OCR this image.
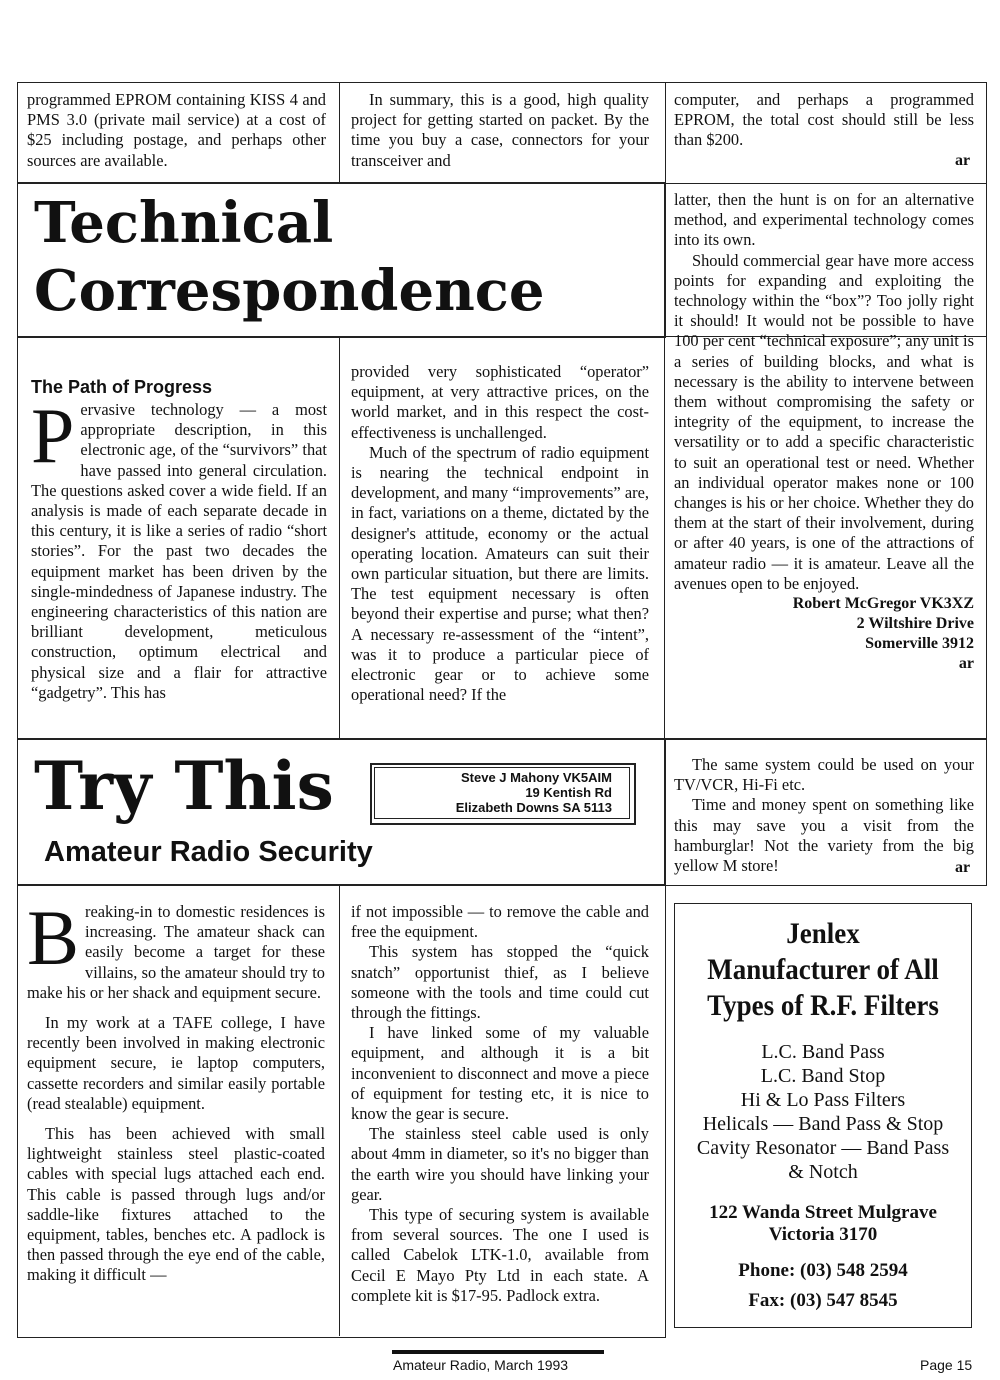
programmed EPROM containing KISS 4 and PMS 3.0 (private mail service) at a cost of $25 including postage, and perhaps other sources are available.

In summary, this is a good, high quality project for getting started on packet. By the time you buy a case, connectors for your transceiver and

computer, and perhaps a programmed EPROM, the total cost should still be less than $200.

ar
Technical
Correspondence
The Path of Progress
P ervasive technology — a most appropriate description, in this electronic age, of the “survivors” that have passed into general circulation. The questions asked cover a wide field. If an analysis is made of each separate decade in this century, it is like a series of radio “short stories”. For the past two decades the equipment market has been driven by the single-mindedness of Japanese industry. The engineering characteristics of this nation are brilliant development, meticulous construction, optimum electrical and physical size and a flair for attractive “gadgetry”. This has

provided very sophisticated “operator” equipment, at very attractive prices, on the world market, and in this respect the cost-effectiveness is unchallenged.

Much of the spectrum of radio equipment is nearing the technical endpoint in development, and many “improvements” are, in fact, variations on a theme, dictated by the designer's attitude, economy or the actual operating location. Amateurs can suit their own particular situation, but there are limits. The test equipment necessary is often beyond their expertise and purse; what then? A necessary re-assessment of the “intent”, was it to produce a particular piece of electronic gear or to achieve some operational need? If the

latter, then the hunt is on for an alternative method, and experimental technology comes into its own.

Should commercial gear have more access points for expanding and exploiting the technology within the “box”? Too jolly right it should! It would not be possible to have 100 per cent “technical exposure”; any unit is a series of building blocks, and what is necessary is the ability to intervene between them without compromising the safety or integrity of the equipment, to increase the versatility or to add a specific characteristic to suit an operational test or need. Whether an individual operator makes none or 100 changes is his or her choice. Whether they do them at the start of their involvement, during or after 40 years, is one of the attractions of amateur radio — it is amateur. Leave all the avenues open to be enjoyed.

Robert McGregor VK3XZ
2 Wiltshire Drive
Somerville 3912
ar
Try This	Steve J Mahony VK5AIM
19 Kentish Rd
Elizabeth Downs SA 5113
Amateur Radio Security

The same system could be used on your TV/VCR, Hi-Fi etc.

Time and money spent on something like this may save you a visit from the hamburglar! Not the variety from the big yellow M store!	ar
B reaking-in to domestic residences is increasing. The amateur shack can easily become a target for these villains, so the amateur should try to make his or her shack and equipment secure.

In my work at a TAFE college, I have recently been involved in making electronic equipment secure, ie laptop computers, cassette recorders and similar easily portable (read stealable) equipment.

This has been achieved with small lightweight stainless steel plastic-coated cables with special lugs attached each end. This cable is passed through lugs and/or saddle-like fixtures attached to the equipment, tables, benches etc. A padlock is then passed through the eye end of the cable, making it difficult —

if not impossible — to remove the cable and free the equipment.

This system has stopped the “quick snatch” opportunist thief, as I believe someone with the tools and time could cut through the fittings.

I have linked some of my valuable equipment, and although it is a bit inconvenient to disconnect and move a piece of equipment for testing etc, it is nice to know the gear is secure.

The stainless steel cable used is only about 4mm in diameter, so it's no bigger than the earth wire you should have linking your gear.

This type of securing system is available from several sources. The one I used is called Cabelok LTK-1.0, available from Cecil E Mayo Pty Ltd in each state. A complete kit is $17-95. Padlock extra.

Jenlex
Manufacturer of All
Types of R.F. Filters
L.C. Band Pass
L.C. Band Stop
Hi & Lo Pass Filters
Helicals — Band Pass & Stop
Cavity Resonator — Band Pass
& Notch
122 Wanda Street Mulgrave
Victoria 3170
Phone: (03) 548 2594
Fax: (03) 547 8545
Amateur Radio, March 1993	Page 15
